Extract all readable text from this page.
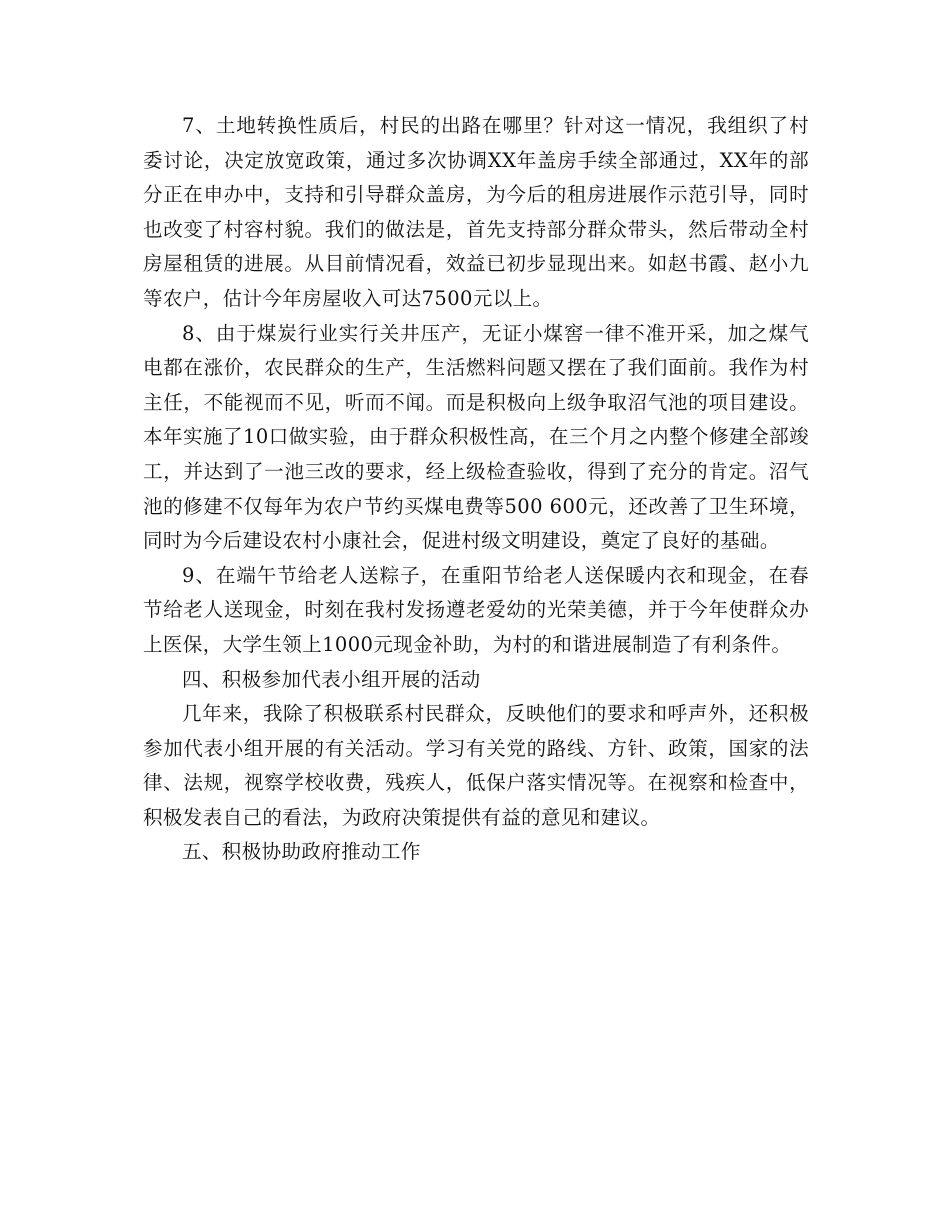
7、土地转换性质后，村民的出路在哪里？针对这一情况，我组织了村委讨论，决定放宽政策，通过多次协调XX年盖房手续全部通过，XX年的部分正在申办中，支持和引导群众盖房，为今后的租房进展作示范引导，同时也改变了村容村貌。我们的做法是，首先支持部分群众带头，然后带动全村房屋租赁的进展。从目前情况看，效益已初步显现出来。如赵书霞、赵小九等农户，估计今年房屋收入可达7500元以上。

8、由于煤炭行业实行关井压产，无证小煤窖一律不准开采，加之煤气电都在涨价，农民群众的生产，生活燃料问题又摆在了我们面前。我作为村主任，不能视而不见，听而不闻。而是积极向上级争取沼气池的项目建设。本年实施了10口做实验，由于群众积极性高，在三个月之内整个修建全部竣工，并达到了一池三改的要求，经上级检查验收，得到了充分的肯定。沼气池的修建不仅每年为农户节约买煤电费等500 600元，还改善了卫生环境，同时为今后建设农村小康社会，促进村级文明建设，奠定了良好的基础。

9、在端午节给老人送粽子，在重阳节给老人送保暖内衣和现金，在春节给老人送现金，时刻在我村发扬遵老爱幼的光荣美德，并于今年使群众办上医保，大学生领上1000元现金补助，为村的和谐进展制造了有利条件。

四、积极参加代表小组开展的活动

几年来，我除了积极联系村民群众，反映他们的要求和呼声外，还积极参加代表小组开展的有关活动。学习有关党的路线、方针、政策，国家的法律、法规，视察学校收费，残疾人，低保户落实情况等。在视察和检查中，积极发表自己的看法，为政府决策提供有益的意见和建议。

五、积极协助政府推动工作
